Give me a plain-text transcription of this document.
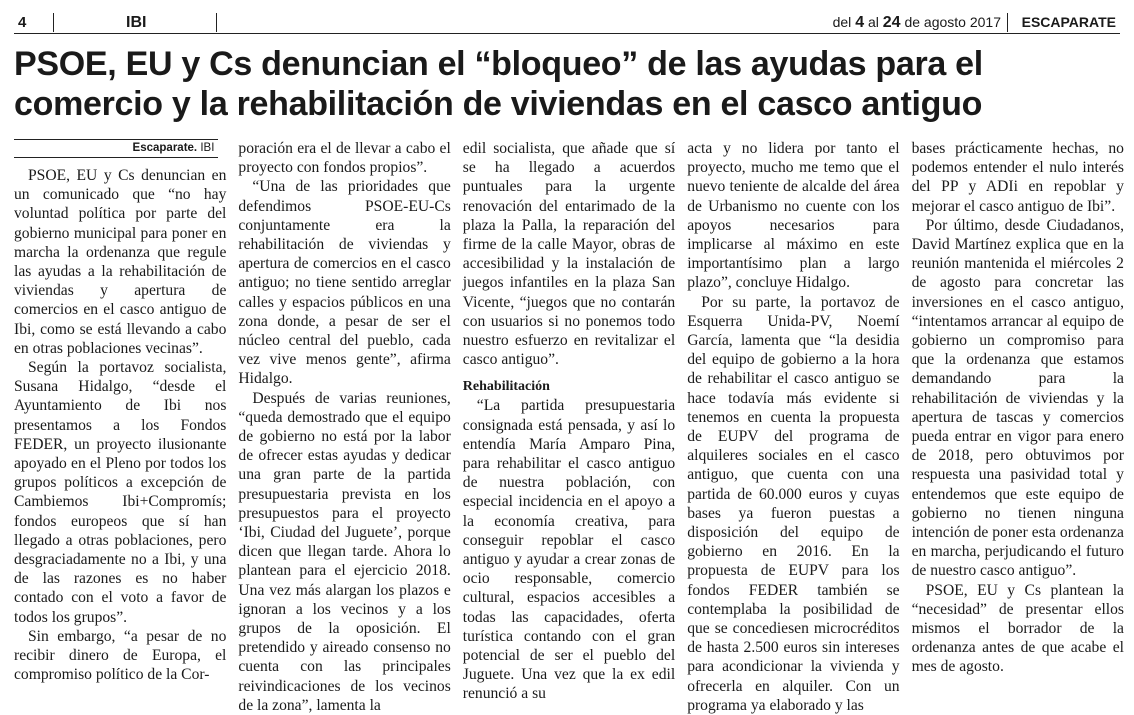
4	IBI	del 4 al 24 de agosto 2017	ESCAPARATE
PSOE, EU y Cs denuncian el “bloqueo” de las ayudas para el
comercio y la rehabilitación de viviendas en el casco antiguo
Escaparate. IBI

PSOE, EU y Cs denuncian en un comunicado que “no hay voluntad política por parte del gobierno municipal para poner en marcha la ordenanza que regule las ayudas a la rehabilitación de viviendas y apertura de comercios en el casco antiguo de Ibi, como se está llevando a cabo en otras poblaciones vecinas”.

Según la portavoz socialista, Susana Hidalgo, “desde el Ayuntamiento de Ibi nos presentamos a los Fondos FEDER, un proyecto ilusionante apoyado en el Pleno por todos los grupos políticos a excepción de Cambiemos Ibi+Compromís; fondos europeos que sí han llegado a otras poblaciones, pero desgraciadamente no a Ibi, y una de las razones es no haber contado con el voto a favor de todos los grupos”.

Sin embargo, “a pesar de no recibir dinero de Europa, el compromiso político de la Cor-

poración era el de llevar a cabo el proyecto con fondos propios”.

“Una de las prioridades que defendimos PSOE-EU-Cs conjuntamente era la rehabilitación de viviendas y apertura de comercios en el casco antiguo; no tiene sentido arreglar calles y espacios públicos en una zona donde, a pesar de ser el núcleo central del pueblo, cada vez vive menos gente”, afirma Hidalgo.

Después de varias reuniones, “queda demostrado que el equipo de gobierno no está por la labor de ofrecer estas ayudas y dedicar una gran parte de la partida presupuestaria prevista en los presupuestos para el proyecto ‘Ibi, Ciudad del Juguete’, porque dicen que llegan tarde. Ahora lo plantean para el ejercicio 2018. Una vez más alargan los plazos e ignoran a los vecinos y a los grupos de la oposición. El pretendido y aireado consenso no cuenta con las principales reivindicaciones de los vecinos de la zona”, lamenta la

edil socialista, que añade que sí se ha llegado a acuerdos puntuales para la urgente renovación del entarimado de la plaza la Palla, la reparación del firme de la calle Mayor, obras de accesibilidad y la instalación de juegos infantiles en la plaza San Vicente, “juegos que no contarán con usuarios si no ponemos todo nuestro esfuerzo en revitalizar el casco antiguo”.

Rehabilitación

“La partida presupuestaria consignada está pensada, y así lo entendía María Amparo Pina, para rehabilitar el casco antiguo de nuestra población, con especial incidencia en el apoyo a la economía creativa, para conseguir repoblar el casco antiguo y ayudar a crear zonas de ocio responsable, comercio cultural, espacios accesibles a todas las capacidades, oferta turística contando con el gran potencial de ser el pueblo del Juguete. Una vez que la ex edil renunció a su

acta y no lidera por tanto el proyecto, mucho me temo que el nuevo teniente de alcalde del área de Urbanismo no cuente con los apoyos necesarios para implicarse al máximo en este importantísimo plan a largo plazo”, concluye Hidalgo.

Por su parte, la portavoz de Esquerra Unida-PV, Noemí García, lamenta que “la desidia del equipo de gobierno a la hora de rehabilitar el casco antiguo se hace todavía más evidente si tenemos en cuenta la propuesta de EUPV del programa de alquileres sociales en el casco antiguo, que cuenta con una partida de 60.000 euros y cuyas bases ya fueron puestas a disposición del equipo de gobierno en 2016. En la propuesta de EUPV para los fondos FEDER también se contemplaba la posibilidad de que se concediesen microcréditos de hasta 2.500 euros sin intereses para acondicionar la vivienda y ofrecerla en alquiler. Con un programa ya elaborado y las

bases prácticamente hechas, no podemos entender el nulo interés del PP y ADIi en repoblar y mejorar el casco antiguo de Ibi”.

Por último, desde Ciudadanos, David Martínez explica que en la reunión mantenida el miércoles 2 de agosto para concretar las inversiones en el casco antiguo, “intentamos arrancar al equipo de gobierno un compromiso para que la ordenanza que estamos demandando para la rehabilitación de viviendas y la apertura de tascas y comercios pueda entrar en vigor para enero de 2018, pero obtuvimos por respuesta una pasividad total y entendemos que este equipo de gobierno no tienen ninguna intención de poner esta ordenanza en marcha, perjudicando el futuro de nuestro casco antiguo”.

PSOE, EU y Cs plantean la “necesidad” de presentar ellos mismos el borrador de la ordenanza antes de que acabe el mes de agosto.
